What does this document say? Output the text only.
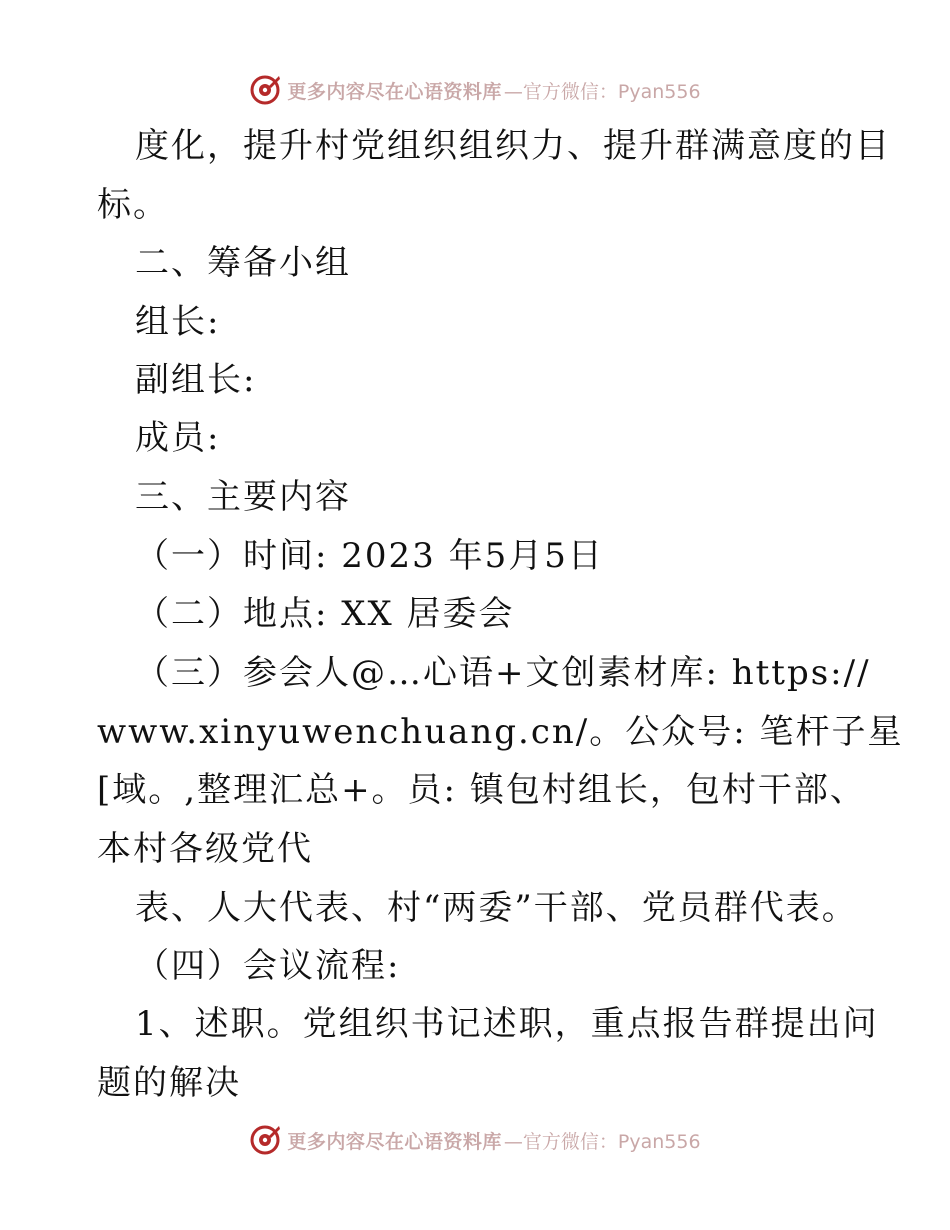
更多内容尽在心语资料库 —官方微信：Pyan556
度化，提升村党组织组织力、提升群满意度的目
标。
二、筹备小组
组长:
副组长:
成员:
三、主要内容
（一）时间: 2023 年5月5日
（二）地点: XX 居委会
（三）参会人@…心语+文创素材库: https://
www.xinyuwenchuang.cn/。公众号: 笔杆子星
[域。,整理汇总+。员: 镇包村组长，包村干部、
本村各级党代
表、人大代表、村“两委”干部、党员群代表。
（四）会议流程:
1、述职。党组织书记述职，重点报告群提出问
题的解决
更多内容尽在心语资料库 —官方微信：Pyan556
